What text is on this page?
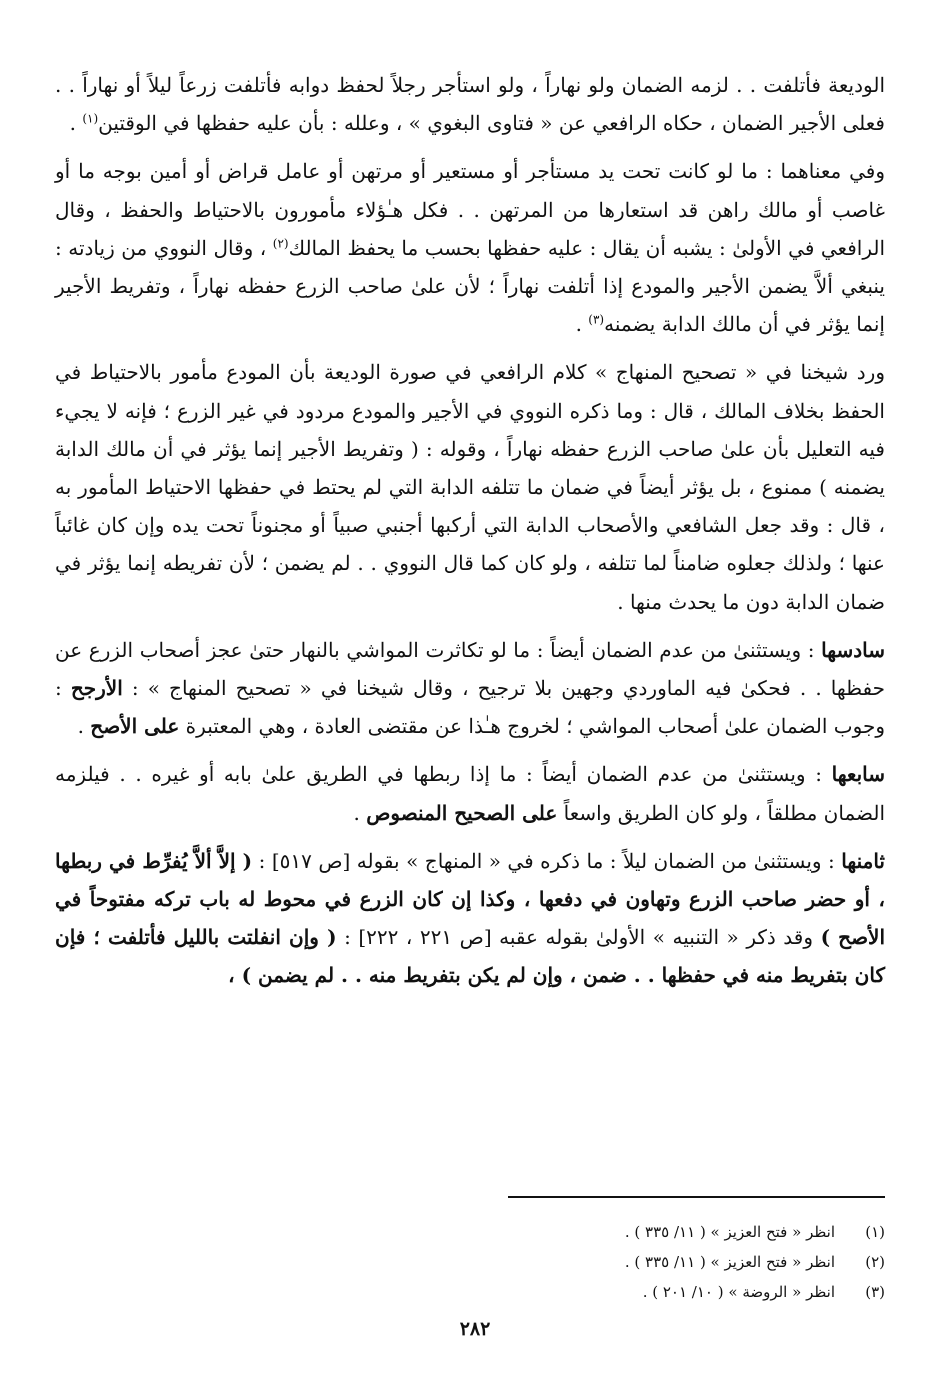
الوديعة فأتلفت . . لزمه الضمان ولو نهاراً ، ولو استأجر رجلاً لحفظ دوابه فأتلفت زرعاً ليلاً أو نهاراً . . فعلى الأجير الضمان ، حكاه الرافعي عن « فتاوى البغوي » ، وعلله : بأن عليه حفظها في الوقتين$^{(١)}$ .

وفي معناهما : ما لو كانت تحت يد مستأجر أو مستعير أو مرتهن أو عامل قراض أو أمين بوجه ما أو غاصب أو مالك راهن قد استعارها من المرتهن . . فكل هـٰؤلاء مأمورون بالاحتياط والحفظ ، وقال الرافعي في الأولىٰ : يشبه أن يقال : عليه حفظها بحسب ما يحفظ المالك$^{(٢)}$ ، وقال النووي من زيادته : ينبغي ألاَّ يضمن الأجير والمودع إذا أتلفت نهاراً ؛ لأن علىٰ صاحب الزرع حفظه نهاراً ، وتفريط الأجير إنما يؤثر في أن مالك الدابة يضمنه$^{(٣)}$ .

ورد شيخنا في « تصحيح المنهاج » كلام الرافعي في صورة الوديعة بأن المودع مأمور بالاحتياط في الحفظ بخلاف المالك ، قال : وما ذكره النووي في الأجير والمودع مردود في غير الزرع ؛ فإنه لا يجيء فيه التعليل بأن علىٰ صاحب الزرع حفظه نهاراً ، وقوله : ( وتفريط الأجير إنما يؤثر في أن مالك الدابة يضمنه ) ممنوع ، بل يؤثر أيضاً في ضمان ما تتلفه الدابة التي لم يحتط في حفظها الاحتياط المأمور به ، قال : وقد جعل الشافعي والأصحاب الدابة التي أركبها أجنبي صبياً أو مجنوناً تحت يده وإن كان غائباً عنها ؛ ولذلك جعلوه ضامناً لما تتلفه ، ولو كان كما قال النووي . . لم يضمن ؛ لأن تفريطه إنما يؤثر في ضمان الدابة دون ما يحدث منها .

سادسها : ويستثنىٰ من عدم الضمان أيضاً : ما لو تكاثرت المواشي بالنهار حتىٰ عجز أصحاب الزرع عن حفظها . . فحكىٰ فيه الماوردي وجهين بلا ترجيح ، وقال شيخنا في « تصحيح المنهاج » : الأرجح : وجوب الضمان علىٰ أصحاب المواشي ؛ لخروج هـٰذا عن مقتضى العادة ، وهي المعتبرة على الأصح .

سابعها : ويستثنىٰ من عدم الضمان أيضاً : ما إذا ربطها في الطريق علىٰ بابه أو غيره . . فيلزمه الضمان مطلقاً ، ولو كان الطريق واسعاً على الصحيح المنصوص .

ثامنها : ويستثنىٰ من الضمان ليلاً : ما ذكره في « المنهاج » بقوله [ص ٥١٧] : ( إلاَّ ألاَّ يُفرِّط في ربطها ، أو حضر صاحب الزرع وتهاون في دفعها ، وكذا إن كان الزرع في محوط له باب تركه مفتوحاً في الأصح ) وقد ذكر « التنبيه » الأولىٰ بقوله عقبه [ص ٢٢١ ، ٢٢٢] : ( وإن انفلتت بالليل فأتلفت ؛ فإن كان بتفريط منه في حفظها . . ضمن ، وإن لم يكن بتفريط منه . . لم يضمن ) ،

(١)
انظر « فتح العزيز » ( ١١/ ٣٣٥ ) .
(٢)
انظر « فتح العزيز » ( ١١/ ٣٣٥ ) .
(٣)
انظر « الروضة » ( ١٠/ ٢٠١ ) .
٢٨٢
